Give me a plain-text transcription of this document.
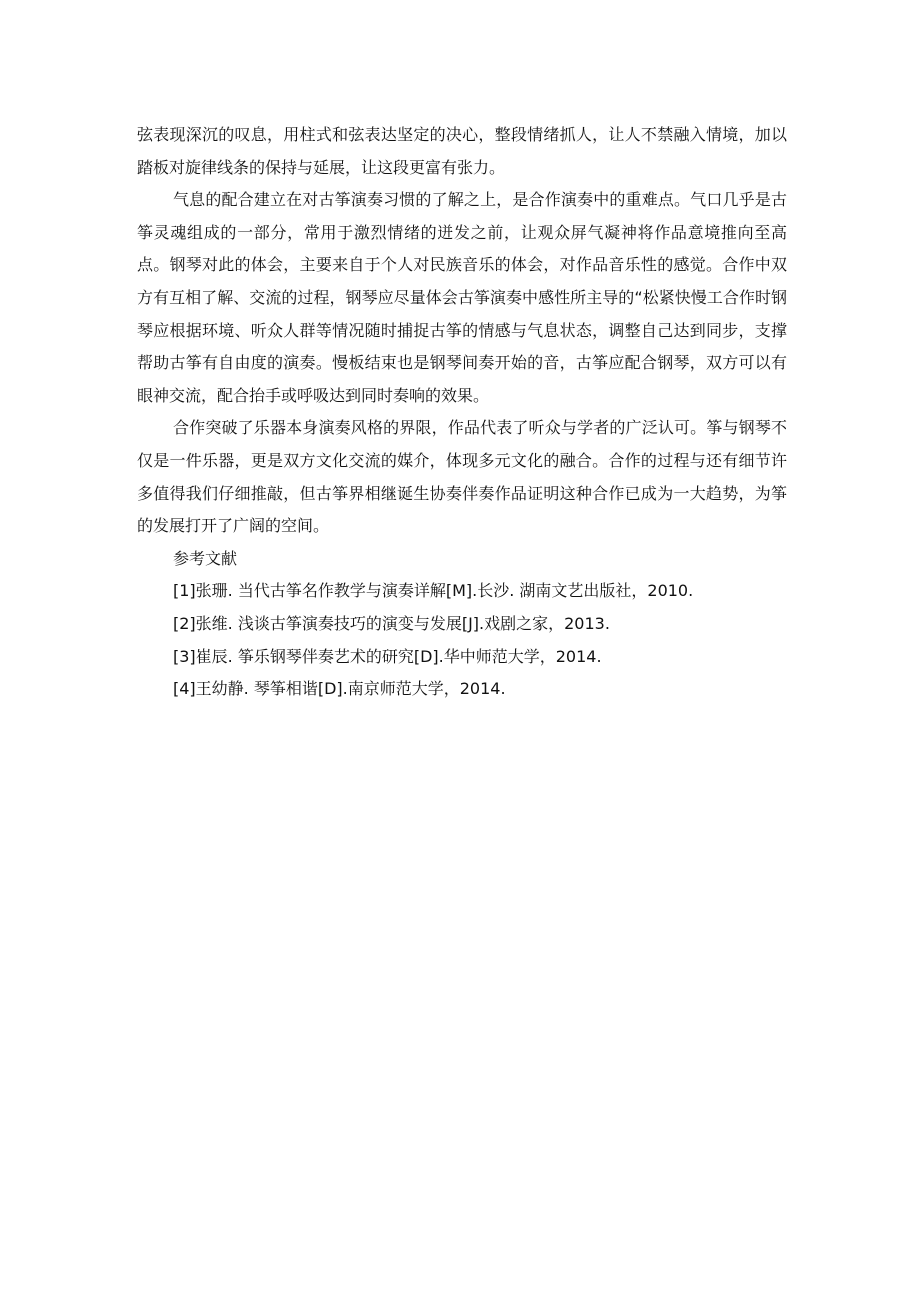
弦表现深沉的叹息，用柱式和弦表达坚定的决心，整段情绪抓人，让人不禁融入情境，加以踏板对旋律线条的保持与延展，让这段更富有张力。

气息的配合建立在对古筝演奏习惯的了解之上，是合作演奏中的重难点。气口几乎是古筝灵魂组成的一部分，常用于激烈情绪的迸发之前，让观众屏气凝神将作品意境推向至高点。钢琴对此的体会，主要来自于个人对民族音乐的体会，对作品音乐性的感觉。合作中双方有互相了解、交流的过程，钢琴应尽量体会古筝演奏中感性所主导的“松紧快慢工合作时钢琴应根据环境、听众人群等情况随时捕捉古筝的情感与气息状态，调整自己达到同步，支撑帮助古筝有自由度的演奏。慢板结束也是钢琴间奏开始的音，古筝应配合钢琴，双方可以有眼神交流，配合抬手或呼吸达到同时奏响的效果。

合作突破了乐器本身演奏风格的界限，作品代表了听众与学者的广泛认可。筝与钢琴不仅是一件乐器，更是双方文化交流的媒介，体现多元文化的融合。合作的过程与还有细节许多值得我们仔细推敲，但古筝界相继诞生协奏伴奏作品证明这种合作已成为一大趋势，为筝的发展打开了广阔的空间。

参考文献

[1]张珊. 当代古筝名作教学与演奏详解[M].长沙. 湖南文艺出版社，2010.
[2]张维. 浅谈古筝演奏技巧的演变与发展[J].戏剧之家，2013.
[3]崔辰. 筝乐钢琴伴奏艺术的研究[D].华中师范大学，2014.
[4]王幼静. 琴筝相谐[D].南京师范大学，2014.
